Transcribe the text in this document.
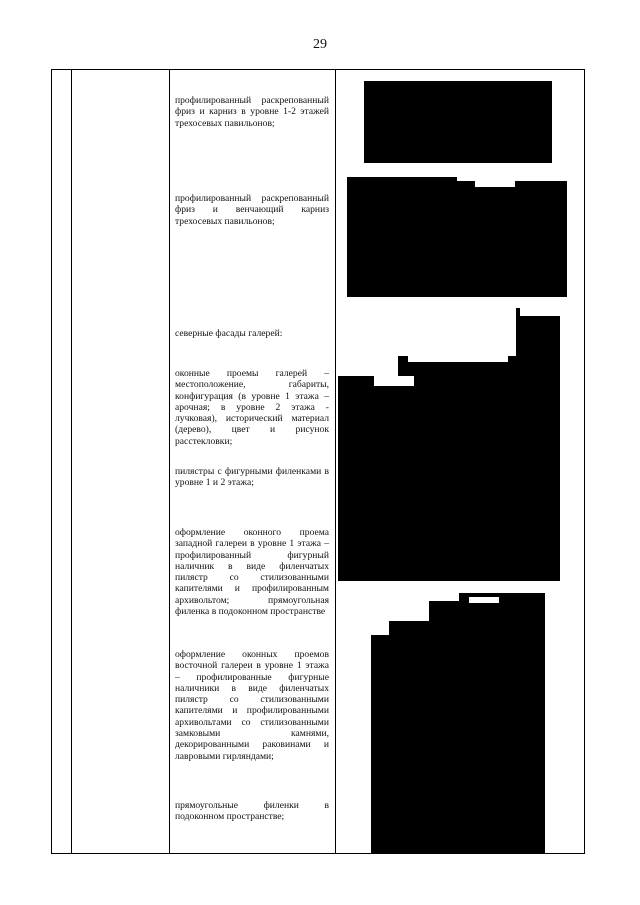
29
профилированный раскрепованный фриз и карниз в уровне 1-2 этажей трехосевых павильонов;
профилированный раскрепованный фриз и венчающий карниз трехосевых павильонов;
северные фасады галерей:
оконные проемы галерей – местоположение, габариты, конфигурация (в уровне 1 этажа – арочная; в уровне 2 этажа - лучковая), исторический материал (дерево), цвет и рисунок расстекловки;
пилястры с фигурными филенками в уровне 1 и 2 этажа;
оформление оконного проема западной галереи в уровне 1 этажа – профилированный фигурный наличник в виде филенчатых пилястр со стилизованными капителями и профилированным архивольтом; прямоугольная филенка в подоконном пространстве
оформление оконных проемов восточной галереи в уровне 1 этажа – профилированные фигурные наличники в виде филенчатых пилястр со стилизованными капителями и профилированными архивольтами со стилизованными замковыми камнями, декорированными раковинами и лавровыми гирляндами;
прямоугольные филенки в подоконном пространстве;
